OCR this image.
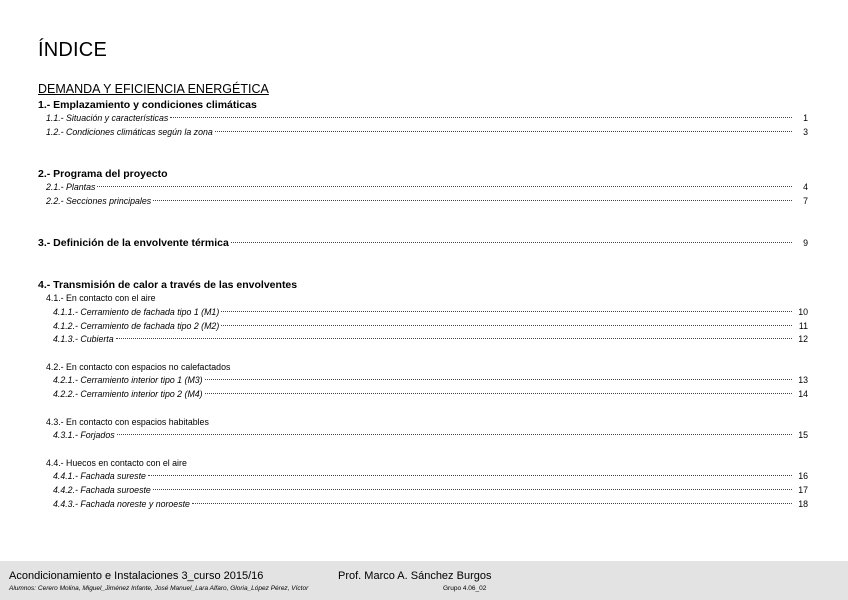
ÍNDICE
DEMANDA Y EFICIENCIA ENERGÉTICA
1.- Emplazamiento y condiciones climáticas
1.1.- Situación y características	1
1.2.- Condiciones climáticas según la zona	3
2.- Programa del proyecto
2.1.- Plantas	4
2.2.- Secciones principales	7
3.- Definición de la envolvente térmica	9
4.- Transmisión de calor a través de las envolventes
4.1.- En contacto con el aire
4.1.1.- Cerramiento de fachada tipo 1 (M1)	10
4.1.2.- Cerramiento de fachada tipo 2 (M2)	11
4.1.3.- Cubierta	12
4.2.- En contacto con espacios no calefactados
4.2.1.- Cerramiento interior tipo 1 (M3)	13
4.2.2.- Cerramiento interior tipo 2 (M4)	14
4.3.- En contacto con espacios habitables
4.3.1.- Forjados	15
4.4.- Huecos en contacto con el aire
4.4.1.- Fachada sureste	16
4.4.2.- Fachada suroeste	17
4.4.3.- Fachada noreste y noroeste	18
Acondicionamiento e Instalaciones 3_curso 2015/16	Prof. Marco A. Sánchez Burgos
Alumnos: Cerero Molina, Miguel_Jiménez Infante, José Manuel_Lara Alfaro, Gloria_López Pérez, Víctor	Grupo 4.06_02
